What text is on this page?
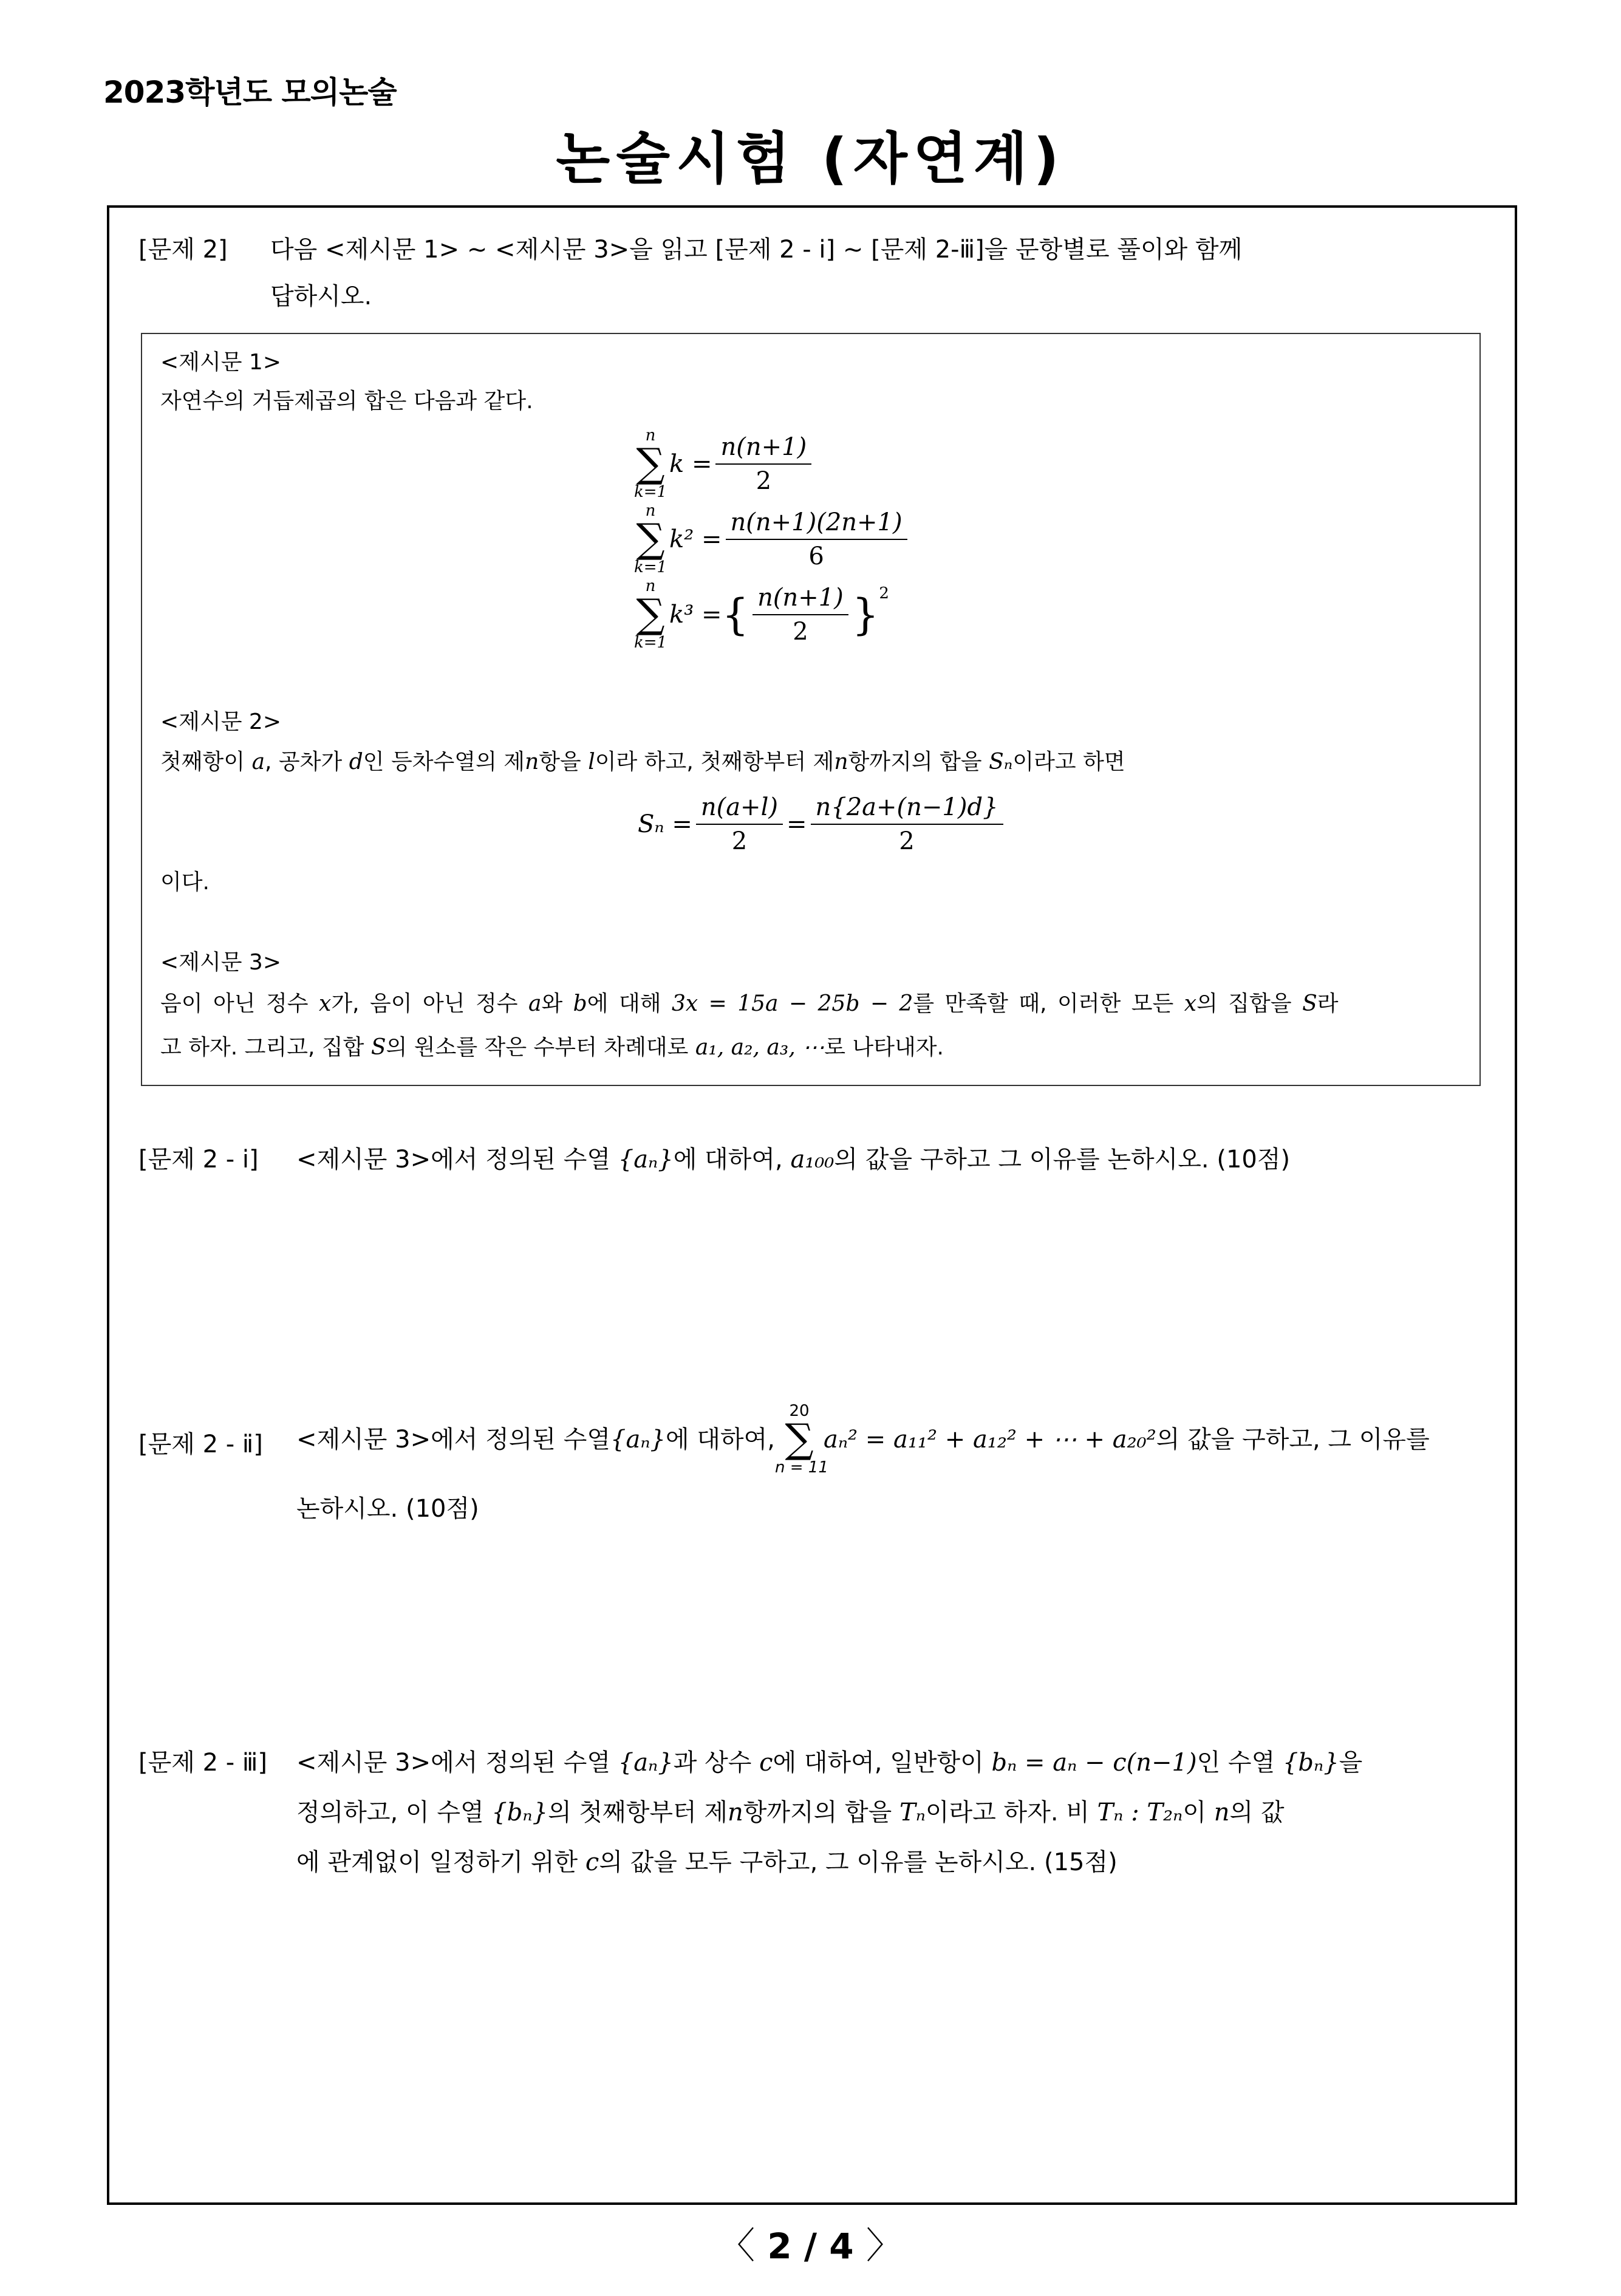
2023학년도 모의논술
논술시험 (자연계)
[문제 2] 다음 <제시문 1> ~ <제시문 3>을 읽고 [문제 2 - ⅰ] ~ [문제 2-ⅲ]을 문항별로 풀이와 함께
답하시오.
<제시문 1>
자연수의 거듭제곱의 합은 다음과 같다.
n
∑
k=1
$k = \frac{n(n+1)}{2}$
n
∑
k=1
$k^2 = \frac{n(n+1)(2n+1)}{6}$
n
∑
k=1
k³ = { $\frac{n(n+1)}{2} \}^2$
<제시문 2>
첫째항이 a, 공차가 d인 등차수열의 제n항을 l이라 하고, 첫째항부터 제n항까지의 합을 Sₙ이라고 하면
$S_n = \frac{n(a+l)}{2} = \frac{n\{2a+(n-1)d\}}{2}$
이다.
<제시문 3>
음이 아닌 정수 x가, 음이 아닌 정수 a와 b에 대해 3x = 15a − 25b − 2를 만족할 때, 이러한 모든 x의 집합을 S라
고 하자. 그리고, 집합 S의 원소를 작은 수부터 차례대로 a₁, a₂, a₃, ⋯로 나타내자.
[문제 2 - ⅰ] <제시문 3>에서 정의된 수열 {aₙ}에 대하여, a₁₀₀의 값을 구하고 그 이유를 논하시오. (10점)
[문제 2 - ⅱ] <제시문 3>에서 정의된 수열 {aₙ} 에 대하여,
20
∑
n = 11
aₙ² = a₁₁² + a₁₂² + ⋯ + a₂₀² 의 값을 구하고, 그 이유를
논하시오. (10점)
[문제 2 - ⅲ] <제시문 3>에서 정의된 수열 {aₙ}과 상수 c에 대하여, 일반항이 bₙ = aₙ − c(n−1)인 수열 {bₙ}을
정의하고, 이 수열 {bₙ}의 첫째항부터 제n항까지의 합을 Tₙ이라고 하자. 비 Tₙ : T₂ₙ이 n의 값
에 관계없이 일정하기 위한 c의 값을 모두 구하고, 그 이유를 논하시오. (15점)
〈 2 / 4 〉
